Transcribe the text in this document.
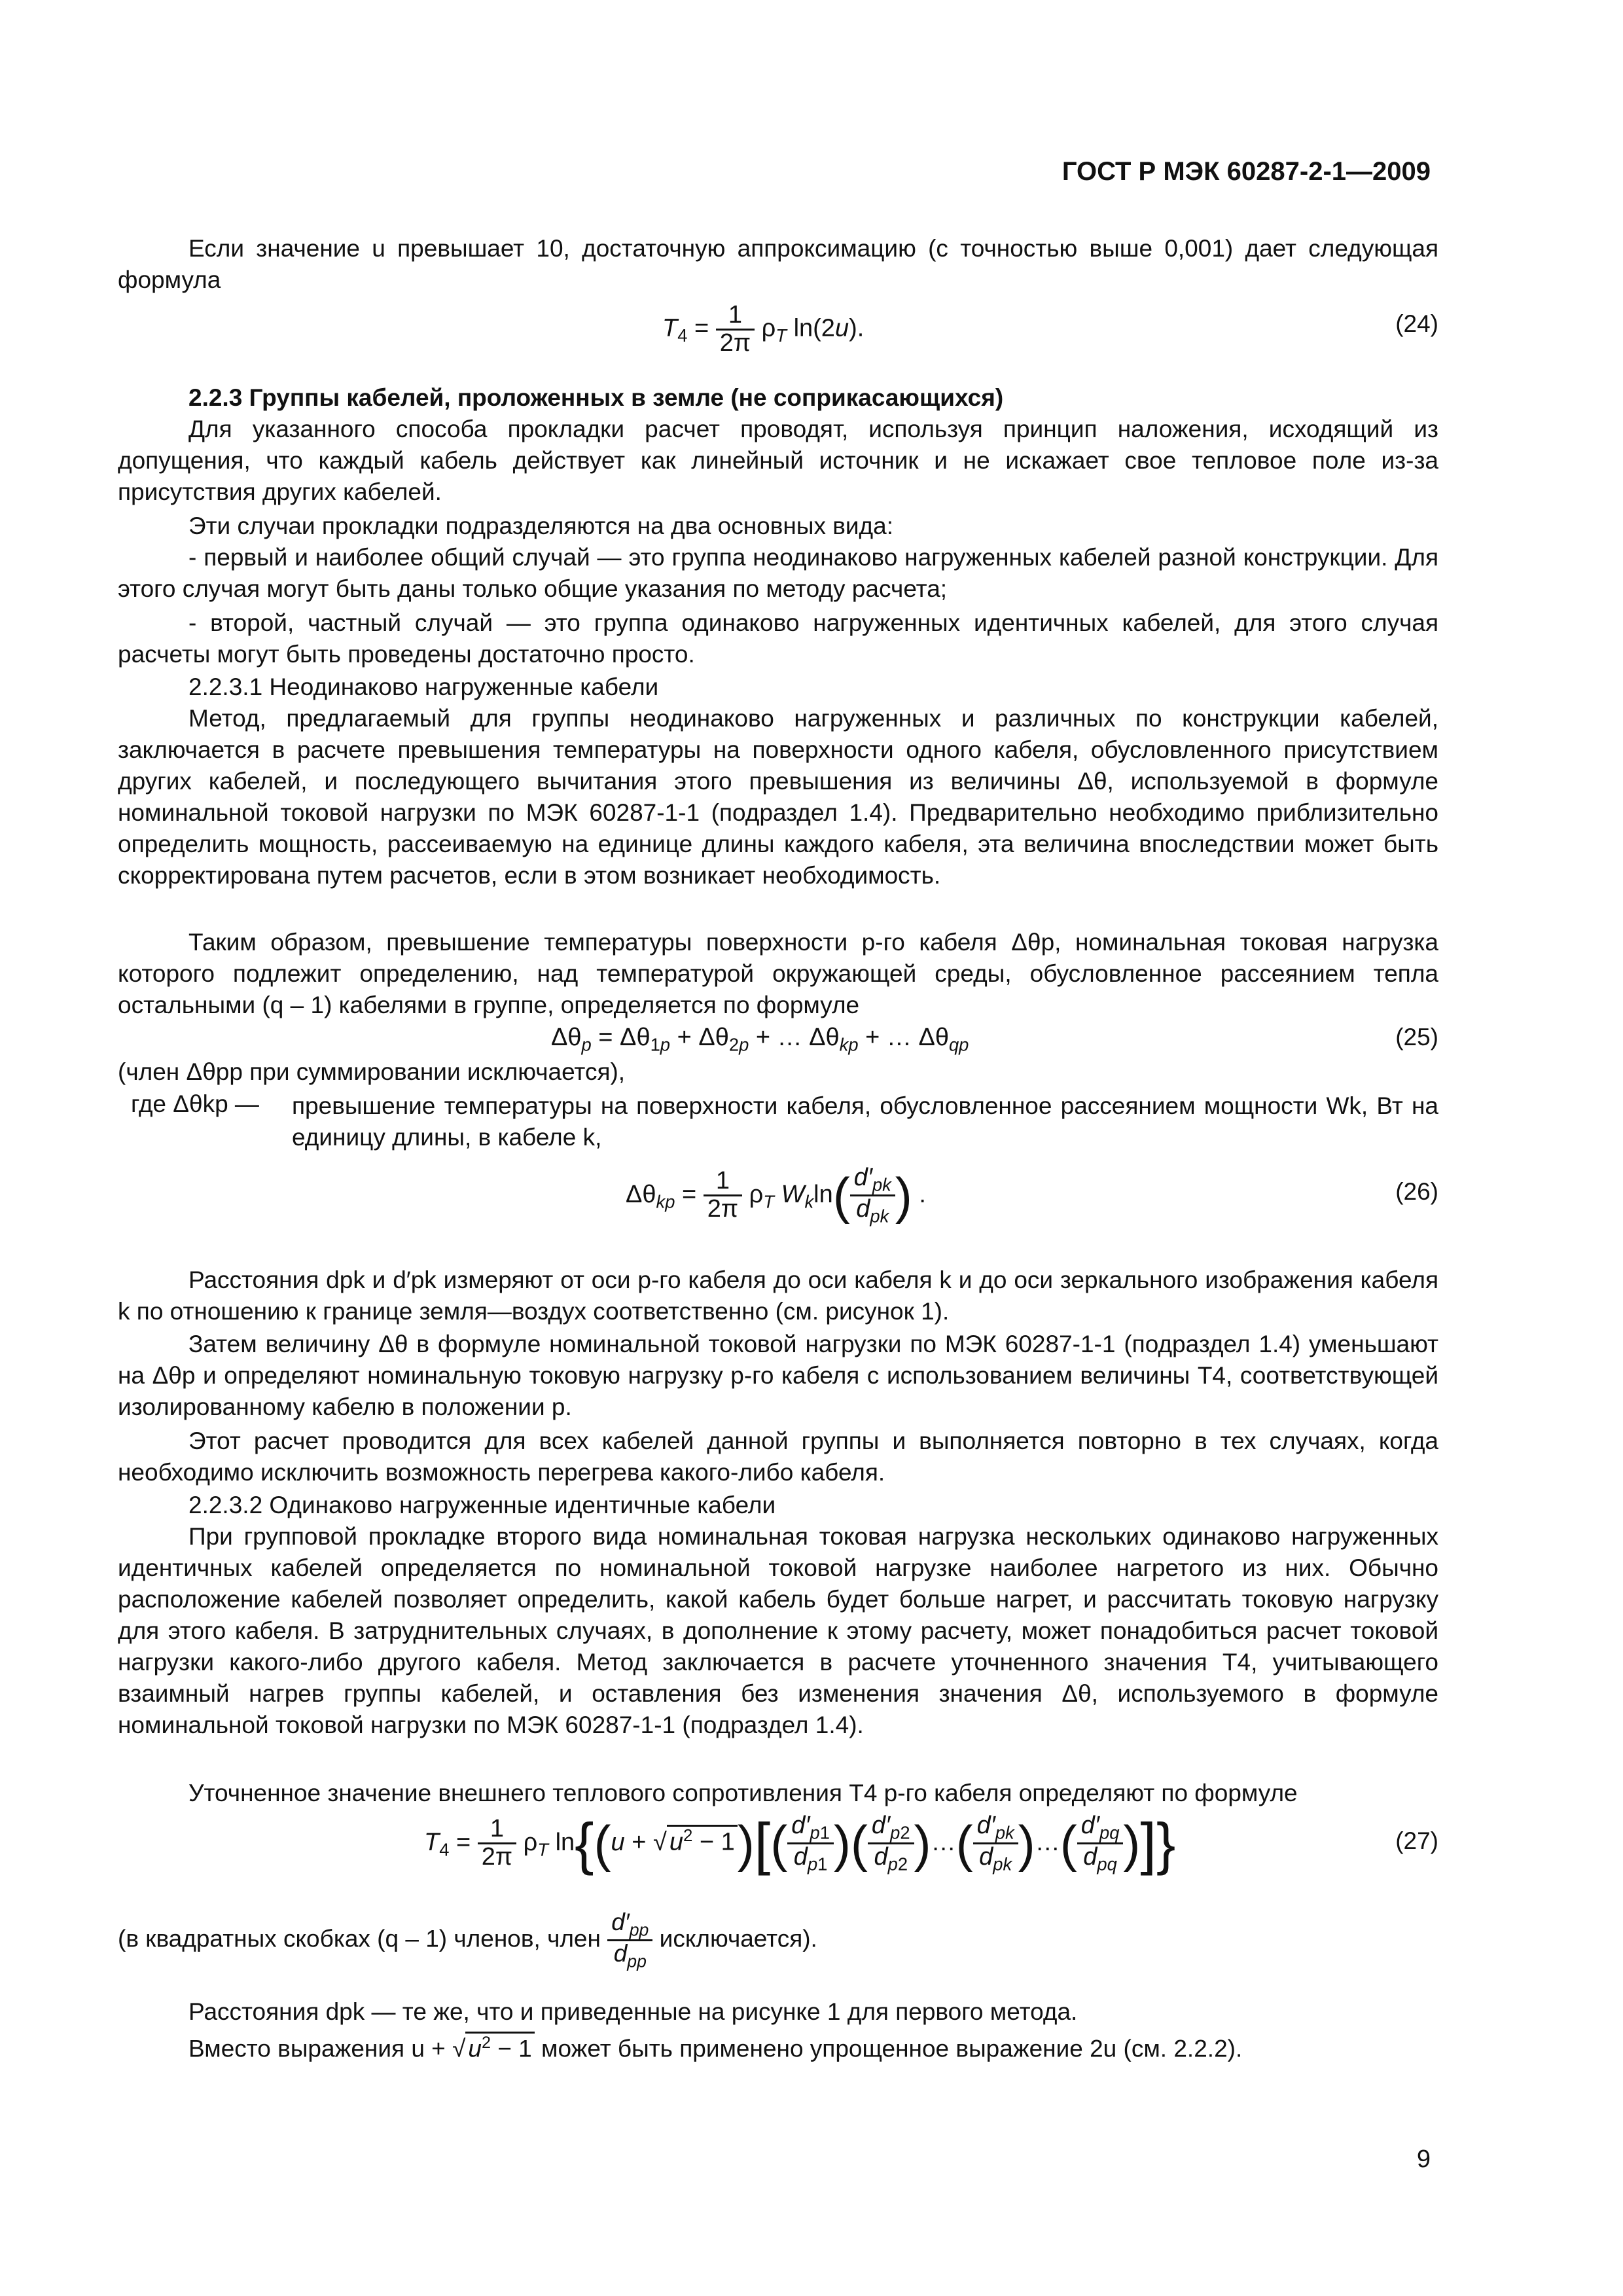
ГОСТ Р МЭК 60287-2-1—2009
Если значение u превышает 10, достаточную аппроксимацию (с точностью выше 0,001) дает следующая формула
$T_4 = \frac{1}{2\pi} \rho_T$ ln(2u).	(24)
2.2.3 Группы кабелей, проложенных в земле (не соприкасающихся)
Для указанного способа прокладки расчет проводят, используя принцип наложения, исходящий из допущения, что каждый кабель действует как линейный источник и не искажает свое тепловое поле из-за присутствия других кабелей.
Эти случаи прокладки подразделяются на два основных вида:
- первый и наиболее общий случай — это группа неодинаково нагруженных кабелей разной конструкции. Для этого случая могут быть даны только общие указания по методу расчета;
- второй, частный случай — это группа одинаково нагруженных идентичных кабелей, для этого случая расчеты могут быть проведены достаточно просто.
2.2.3.1 Неодинаково нагруженные кабели
Метод, предлагаемый для группы неодинаково нагруженных и различных по конструкции кабелей, заключается в расчете превышения температуры на поверхности одного кабеля, обусловленного присутствием других кабелей, и последующего вычитания этого превышения из величины Δθ, используемой в формуле номинальной токовой нагрузки по МЭК 60287-1-1 (подраздел 1.4). Предварительно необходимо приблизительно определить мощность, рассеиваемую на единице длины каждого кабеля, эта величина впоследствии может быть скорректирована путем расчетов, если в этом возникает необходимость.
Таким образом, превышение температуры поверхности p-го кабеля Δθp, номинальная токовая нагрузка которого подлежит определению, над температурой окружающей среды, обусловленное рассеянием тепла остальными (q – 1) кабелями в группе, определяется по формуле
$\Delta\theta_p = \Delta\theta_{1p} + \Delta\theta_{2p}$ + … $\Delta\theta_{kp}$ + … $\Delta\theta_{qp}$	(25)
(член Δθpp при суммировании исключается),
где Δθkp — превышение температуры на поверхности кабеля, обусловленное рассеянием мощности Wk, Вт на единицу длины, в кабеле k,
$\Delta\theta_{kp} = \frac{1}{2\pi} \rho_T$ $W_k\ln( \frac{d'_{pk}}{d_{pk}}$ ) .	(26)
Расстояния dpk и d′pk измеряют от оси p-го кабеля до оси кабеля k и до оси зеркального изображения кабеля k по отношению к границе земля—воздух соответственно (см. рисунок 1).
Затем величину Δθ в формуле номинальной токовой нагрузки по МЭК 60287-1-1 (подраздел 1.4) уменьшают на Δθp и определяют номинальную токовую нагрузку p-го кабеля с использованием величины T4, соответствующей изолированному кабелю в положении p.
Этот расчет проводится для всех кабелей данной группы и выполняется повторно в тех случаях, когда необходимо исключить возможность перегрева какого-либо кабеля.
2.2.3.2 Одинаково нагруженные идентичные кабели
При групповой прокладке второго вида номинальная токовая нагрузка нескольких одинаково нагруженных идентичных кабелей определяется по номинальной токовой нагрузке наиболее нагретого из них. Обычно расположение кабелей позволяет определить, какой кабель будет больше нагрет, и рассчитать токовую нагрузку для этого кабеля. В затруднительных случаях, в дополнение к этому расчету, может понадобиться расчет токовой нагрузки какого-либо другого кабеля. Метод заключается в расчете уточненного значения T4, учитывающего взаимный нагрев группы кабелей, и оставления без изменения значения Δθ, используемого в формуле номинальной токовой нагрузки по МЭК 60287-1-1 (подраздел 1.4).
Уточненное значение внешнего теплового сопротивления T4 p-го кабеля определяют по формуле
$T_4 = \frac{1}{2\pi} \rho_T$ ln{(u + √ $u^2 - 1)[( \frac{d'_{p1}}{d_{p1}}$ )( $\frac{d'_{p2}}{d_{p2}}$ )…( $\frac{d'_{pk}}{d_{pk}}$ )…( $\frac{d'_{pq}}{d_{pq}}$ )]}	(27)
(в квадратных скобках (q – 1) членов, член $\frac{d'_{pp}}{d_{pp}}$ исключается).
Расстояния dpk — те же, что и приведенные на рисунке 1 для первого метода.
Вместо выражения u + √ $u^2 - 1$ может быть применено упрощенное выражение 2u (см. 2.2.2).
9
